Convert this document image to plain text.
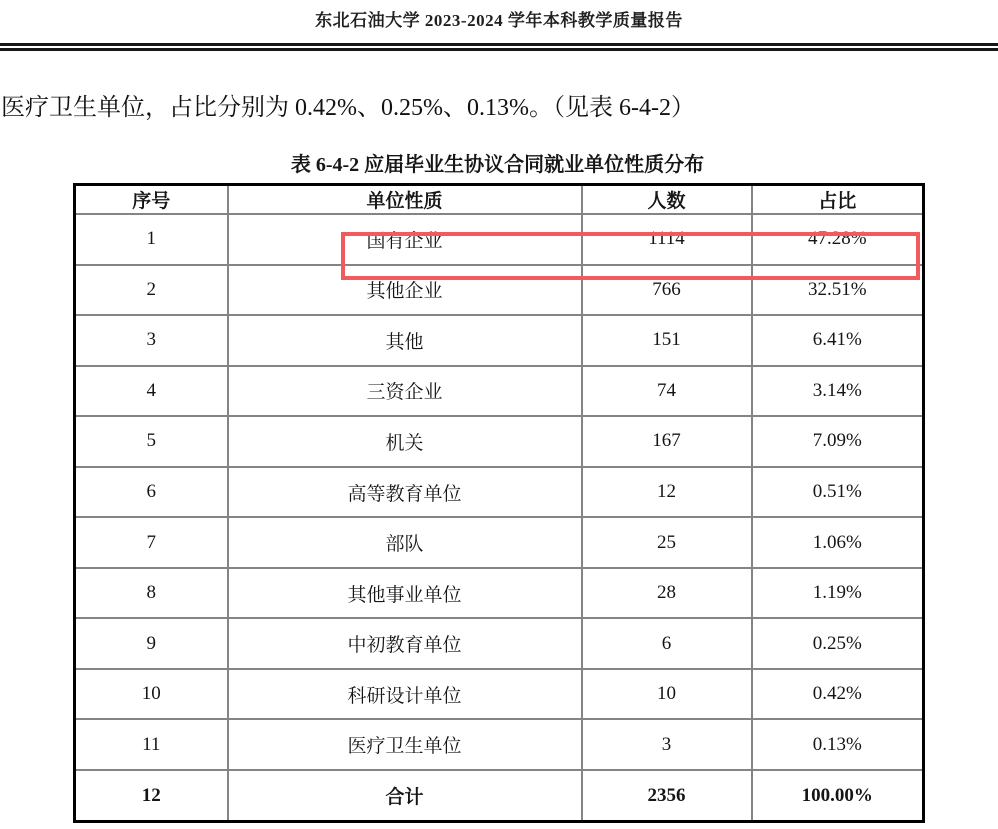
东北石油大学 2023-2024 学年本科教学质量报告
医疗卫生单位，占比分别为 0.42%、0.25%、0.13%。（见表 6-4-2）
表 6-4-2 应届毕业生协议合同就业单位性质分布
序号	单位性质	人数	占比
1	国有企业	1114	47.28%
2	其他企业	766	32.51%
3	其他	151	6.41%
4	三资企业	74	3.14%
5	机关	167	7.09%
6	高等教育单位	12	0.51%
7	部队	25	1.06%
8	其他事业单位	28	1.19%
9	中初教育单位	6	0.25%
10	科研设计单位	10	0.42%
11	医疗卫生单位	3	0.13%
12	合计	2356	100.00%
